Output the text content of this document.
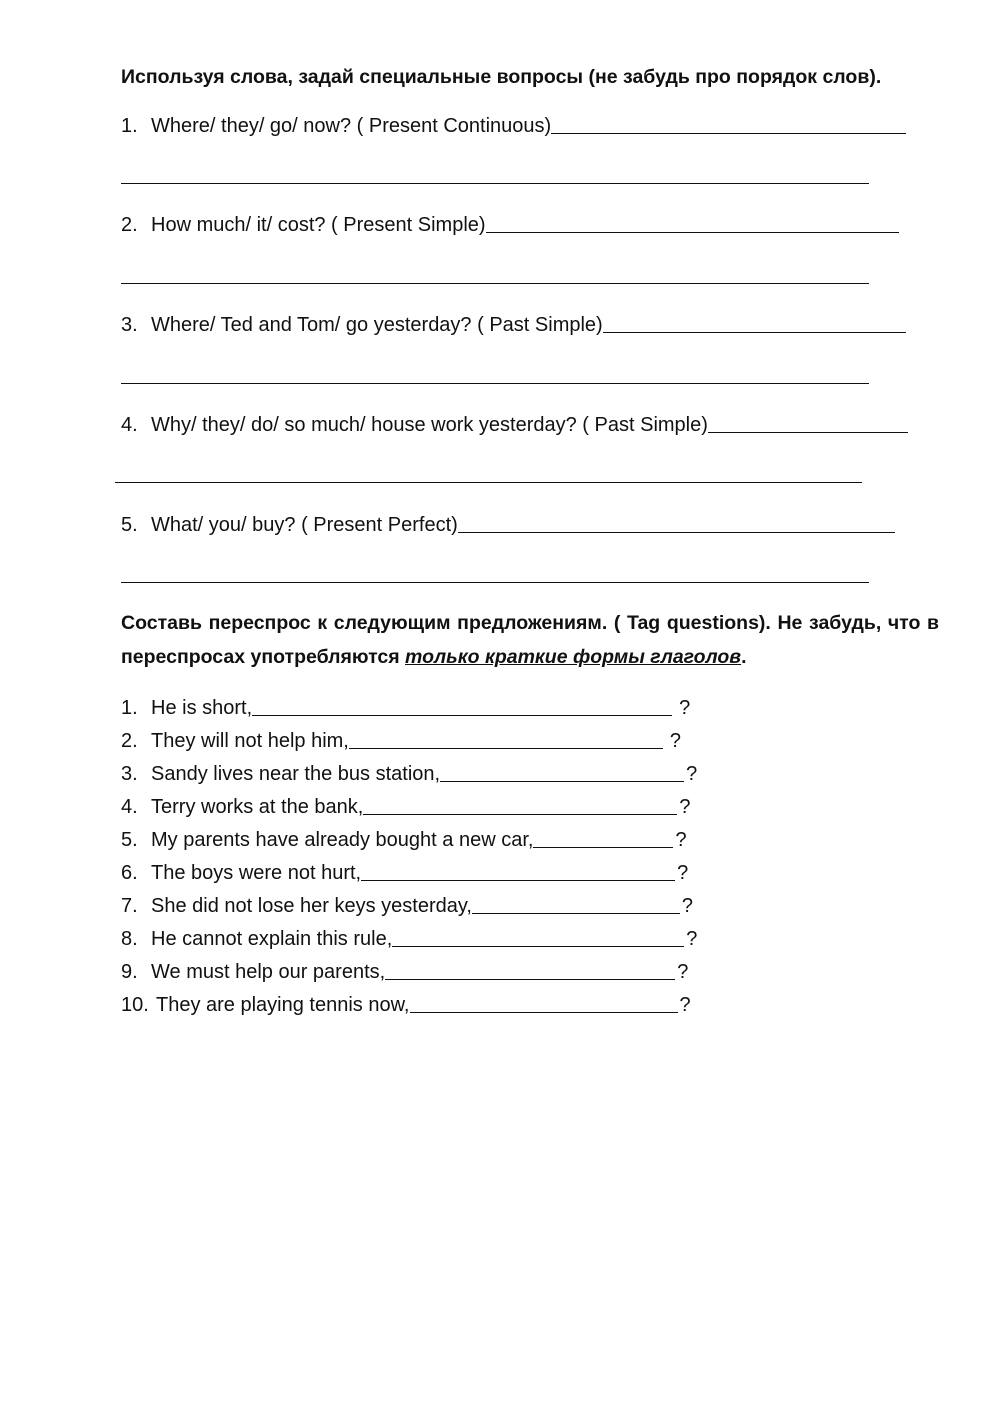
Используя слова, задай специальные вопросы (не забудь про порядок слов).
1. Where/ they/ go/ now? ( Present Continuous)
2. How much/ it/ cost? ( Present Simple)
3. Where/ Ted and Tom/ go yesterday? ( Past Simple)
4. Why/ they/ do/ so much/ house work yesterday? ( Past Simple)
5. What/ you/ buy? ( Present Perfect)
Составь переспрос к следующим предложениям. ( Tag questions). Не забудь, что в переспросах употребляются только краткие формы глаголов.
1. He is short,	?
2. They will not help him,	?
3. Sandy lives near the bus station,	?
4. Terry works at the bank,	?
5. My parents have already bought a new car,	?
6. The boys were not hurt,	?
7. She did not lose her keys yesterday,	?
8. He cannot explain this rule,	?
9. We must help our parents,	?
10. They are playing tennis now,	?
